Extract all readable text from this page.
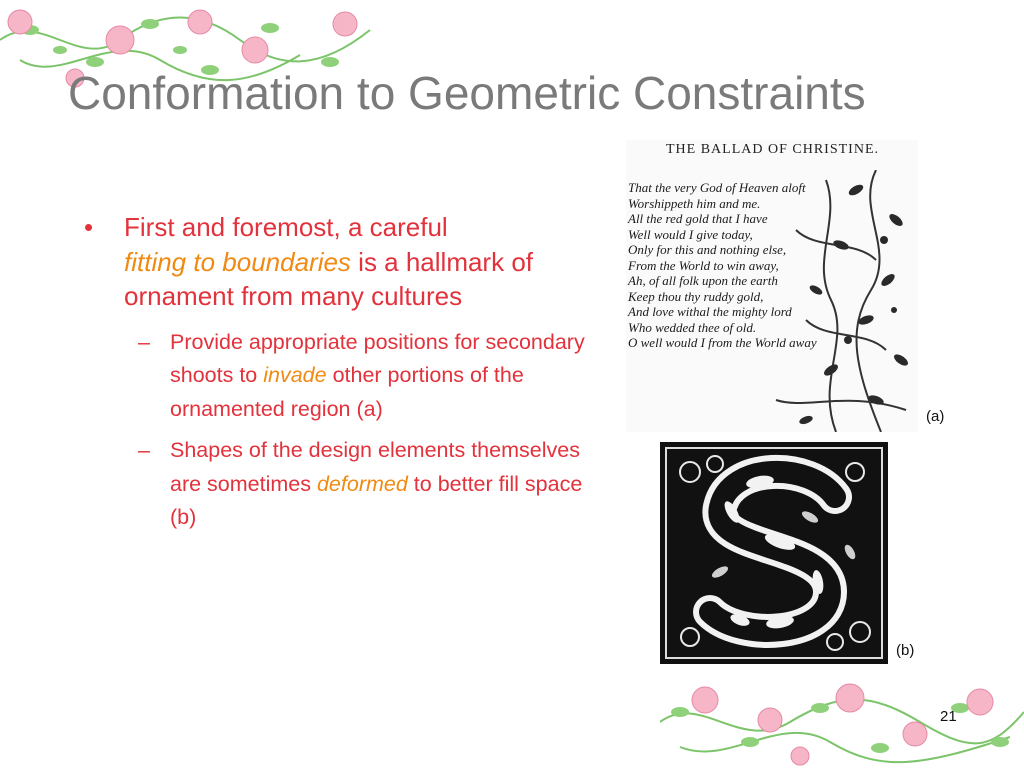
Conformation to Geometric Constraints
• First and foremost, a careful
fitting to boundaries is a hallmark of ornament from many cultures
– Provide appropriate positions for secondary shoots to invade other portions of the ornamented region (a)
– Shapes of the design elements themselves are sometimes deformed to better fill space (b)
THE BALLAD OF CHRISTINE.
That the very God of Heaven aloft
Worshippeth him and me.
All the red gold that I have
Well would I give today,
Only for this and nothing else,
From the World to win away,
Ah, of all folk upon the earth
Keep thou thy ruddy gold,
And love withal the mighty lord
Who wedded thee of old.
O well would I from the World away
(a)
(b)
21
